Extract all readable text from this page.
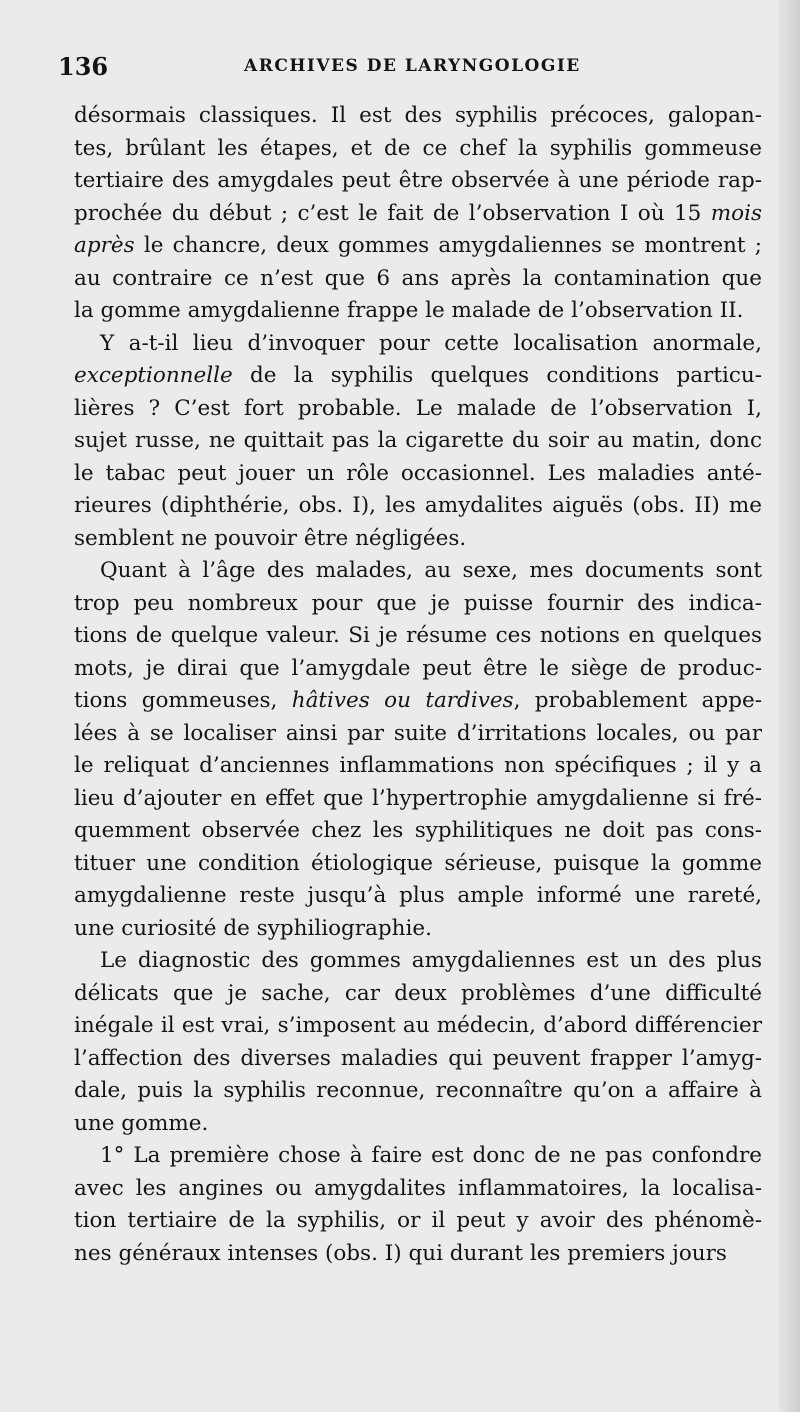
136	ARCHIVES DE LARYNGOLOGIE

désormais classiques. Il est des syphilis précoces, galopan-
tes, brûlant les étapes, et de ce chef la syphilis gommeuse
tertiaire des amygdales peut être observée à une période rap-
prochée du début ; c’est le fait de l’observation I où 15 mois
après le chancre, deux gommes amygdaliennes se montrent ;
au contraire ce n’est que 6 ans après la contamination que
la gomme amygdalienne frappe le malade de l’observation II.

Y a-t-il lieu d’invoquer pour cette localisation anormale,
exceptionnelle de la syphilis quelques conditions particu-
lières ? C’est fort probable. Le malade de l’observation I,
sujet russe, ne quittait pas la cigarette du soir au matin, donc
le tabac peut jouer un rôle occasionnel. Les maladies anté-
rieures (diphthérie, obs. I), les amydalites aiguës (obs. II) me
semblent ne pouvoir être négligées.

Quant à l’âge des malades, au sexe, mes documents sont
trop peu nombreux pour que je puisse fournir des indica-
tions de quelque valeur. Si je résume ces notions en quelques
mots, je dirai que l’amygdale peut être le siège de produc-
tions gommeuses, hâtives ou tardives, probablement appe-
lées à se localiser ainsi par suite d’irritations locales, ou par
le reliquat d’anciennes inflammations non spécifiques ; il y a
lieu d’ajouter en effet que l’hypertrophie amygdalienne si fré-
quemment observée chez les syphilitiques ne doit pas cons-
tituer une condition étiologique sérieuse, puisque la gomme
amygdalienne reste jusqu’à plus ample informé une rareté,
une curiosité de syphiliographie.

Le diagnostic des gommes amygdaliennes est un des plus
délicats que je sache, car deux problèmes d’une difficulté
inégale il est vrai, s’imposent au médecin, d’abord différencier
l’affection des diverses maladies qui peuvent frapper l’amyg-
dale, puis la syphilis reconnue, reconnaître qu’on a affaire à
une gomme.

1° La première chose à faire est donc de ne pas confondre
avec les angines ou amygdalites inflammatoires, la localisa-
tion tertiaire de la syphilis, or il peut y avoir des phénomè-
nes généraux intenses (obs. I) qui durant les premiers jours
